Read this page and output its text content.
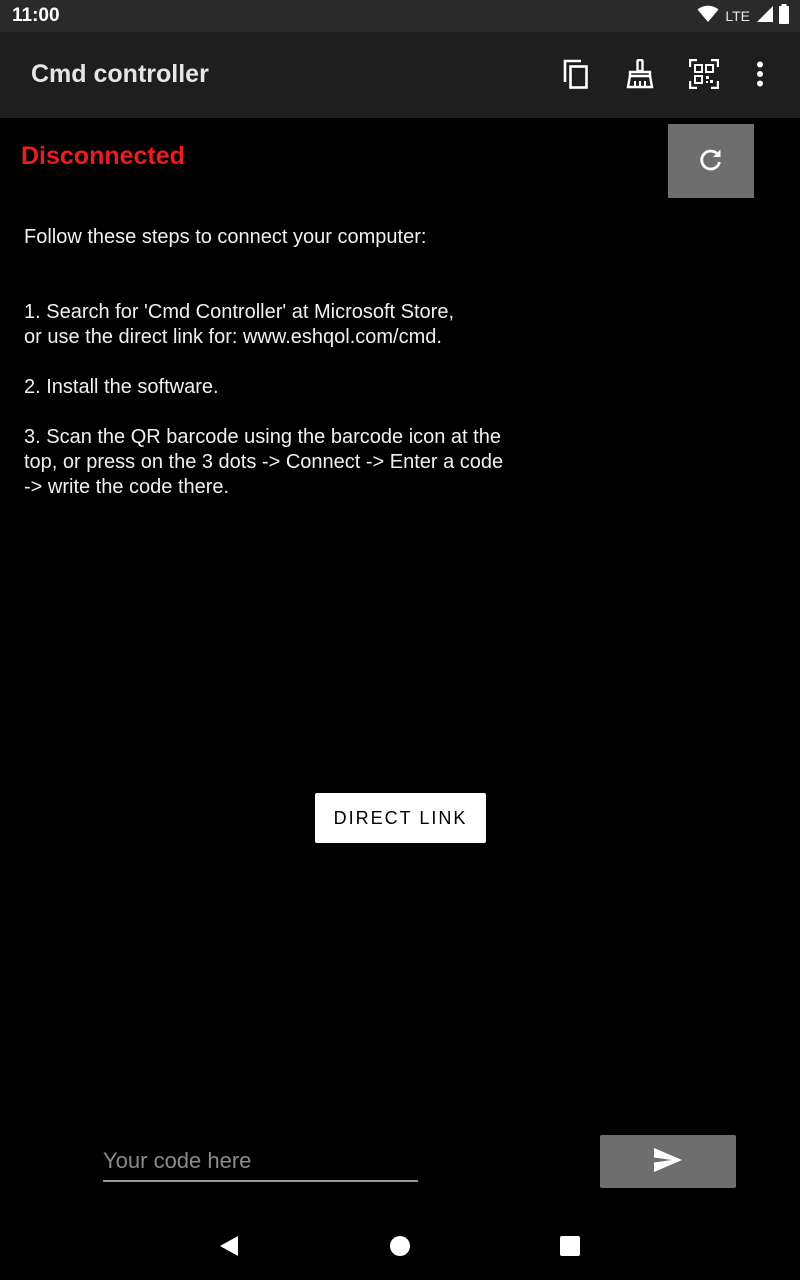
11:00	LTE
Cmd controller
Disconnected
Follow these steps to connect your computer:
1. Search for 'Cmd Controller' at Microsoft Store,
or use the direct link for: www.eshqol.com/cmd.
2. Install the software.
3. Scan the QR barcode using the barcode icon at the
top, or press on the 3 dots -> Connect -> Enter a code
-> write the code there.
DIRECT LINK
Your code here
